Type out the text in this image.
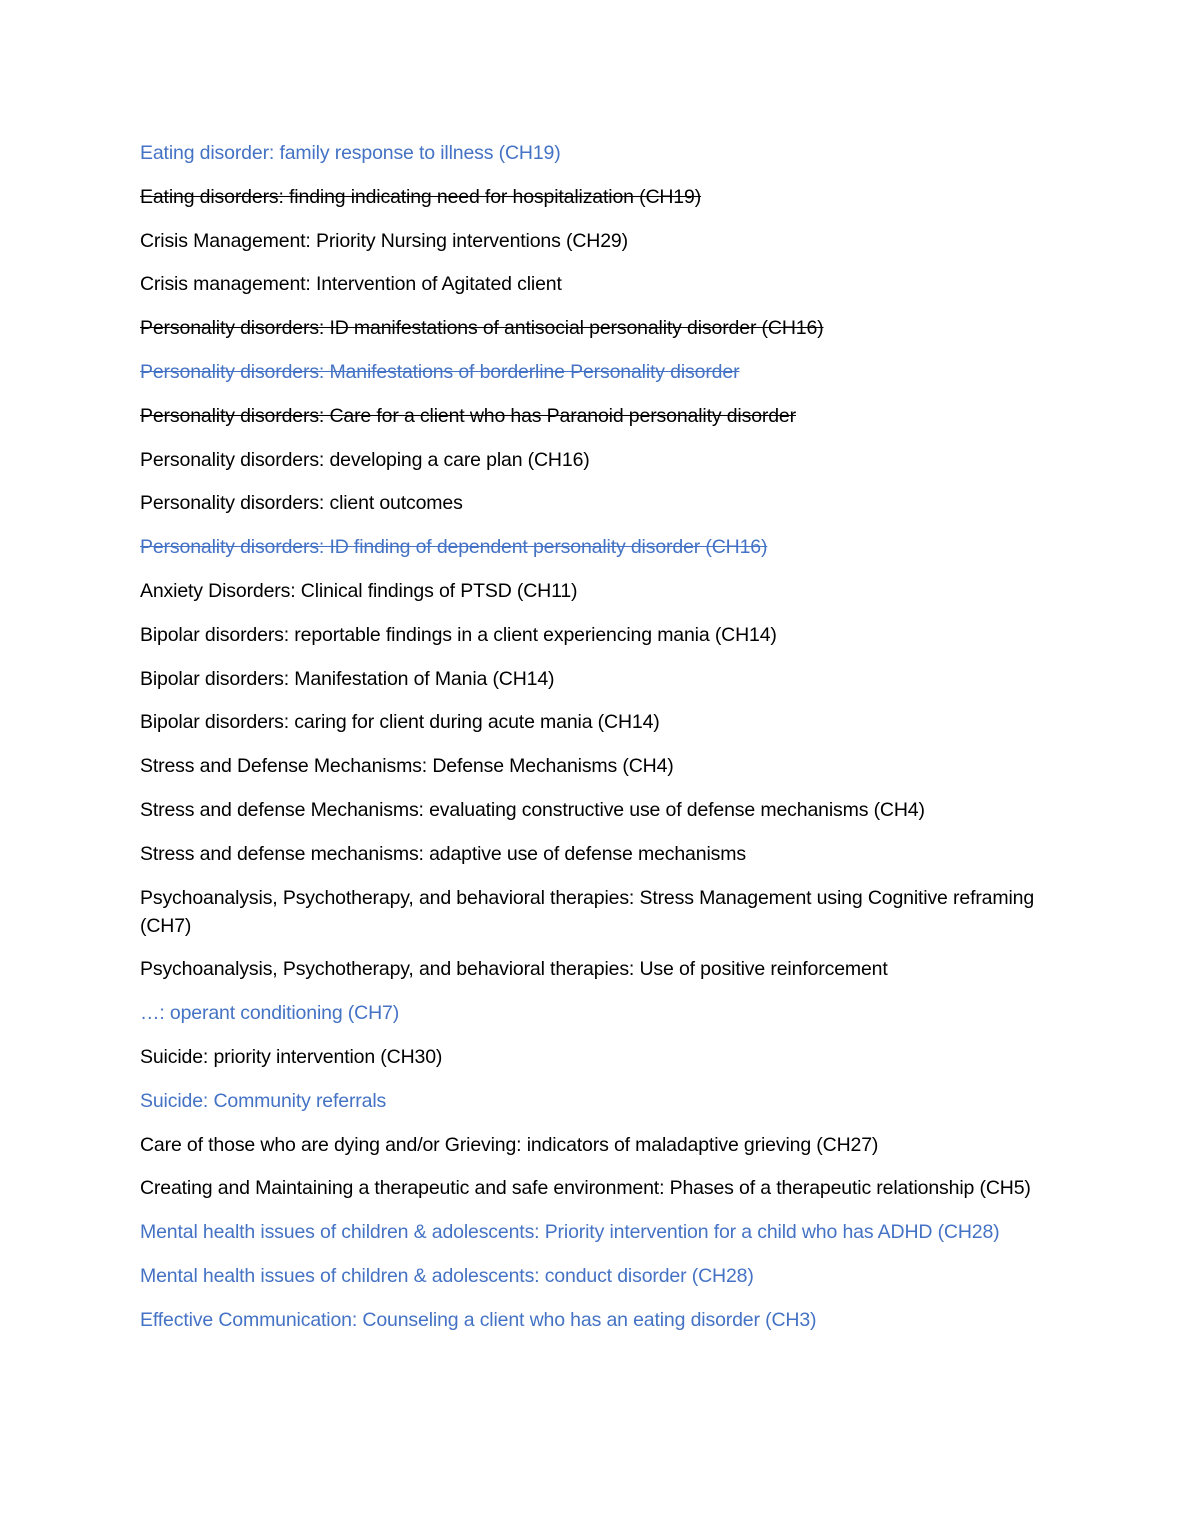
Eating disorder: family response to illness (CH19)

Eating disorders: finding indicating need for hospitalization (CH19)

Crisis Management: Priority Nursing interventions (CH29)

Crisis management: Intervention of Agitated client

Personality disorders: ID manifestations of antisocial personality disorder (CH16)

Personality disorders: Manifestations of borderline Personality disorder

Personality disorders: Care for a client who has Paranoid personality disorder

Personality disorders: developing a care plan (CH16)

Personality disorders: client outcomes

Personality disorders: ID finding of dependent personality disorder (CH16)

Anxiety Disorders: Clinical findings of PTSD (CH11)

Bipolar disorders: reportable findings in a client experiencing mania (CH14)

Bipolar disorders: Manifestation of Mania (CH14)

Bipolar disorders: caring for client during acute mania (CH14)

Stress and Defense Mechanisms: Defense Mechanisms (CH4)

Stress and defense Mechanisms: evaluating constructive use of defense mechanisms (CH4)

Stress and defense mechanisms: adaptive use of defense mechanisms

Psychoanalysis, Psychotherapy, and behavioral therapies: Stress Management using Cognitive reframing (CH7)

Psychoanalysis, Psychotherapy, and behavioral therapies: Use of positive reinforcement

…: operant conditioning (CH7)

Suicide: priority intervention (CH30)

Suicide: Community referrals

Care of those who are dying and/or Grieving: indicators of maladaptive grieving (CH27)

Creating and Maintaining a therapeutic and safe environment: Phases of a therapeutic relationship (CH5)

Mental health issues of children & adolescents: Priority intervention for a child who has ADHD (CH28)

Mental health issues of children & adolescents: conduct disorder (CH28)

Effective Communication: Counseling a client who has an eating disorder (CH3)
